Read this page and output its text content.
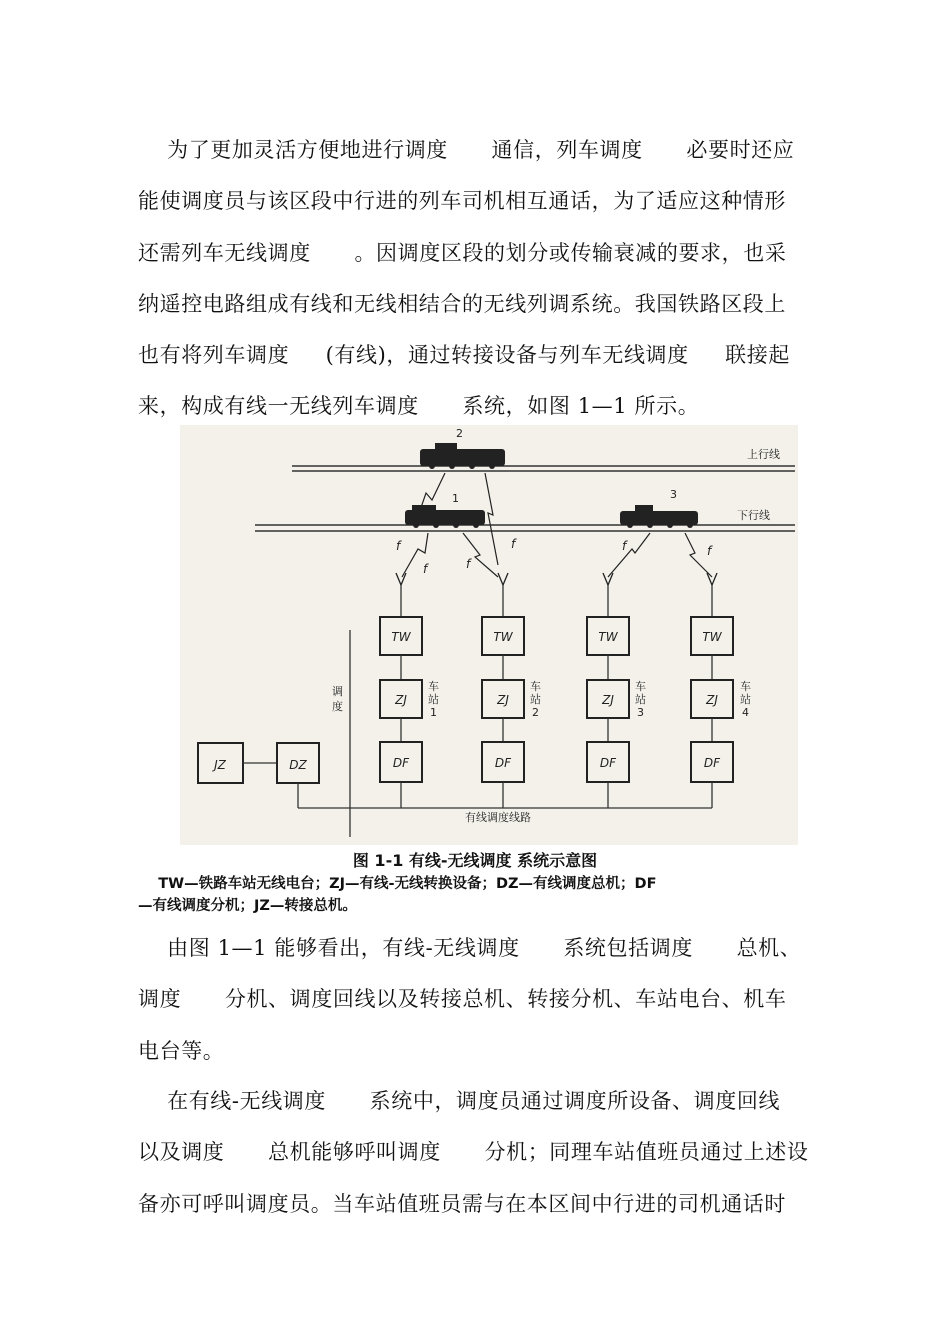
为了更加灵活方便地进行调度      通信，列车调度      必要时还应
能使调度员与该区段中行进的列车司机相互通话，为了适应这种情形
还需列车无线调度      。因调度区段的划分或传输衰减的要求，也采
纳遥控电路组成有线和无线相结合的无线列调系统。我国铁路区段上
也有将列车调度     (有线)，通过转接设备与列车无线调度     联接起
来，构成有线一无线列车调度      系统，如图 1—1 所示。
上行线
下行线
2
1	3
f
f	f
f	f	f
调
度
有线调度线路
JZ	DZ
TW
ZJ
DF
车
站
1
TW
ZJ
DF
车
站
2
TW
ZJ
DF
车
站
3
TW
ZJ
DF
车
站
4
图 1-1 有线-无线调度 系统示意图
TW—铁路车站无线电台；ZJ—有线-无线转换设备；DZ—有线调度总机；DF
—有线调度分机；JZ—转接总机。
由图 1—1 能够看出，有线-无线调度      系统包括调度      总机、
调度      分机、调度回线以及转接总机、转接分机、车站电台、机车
电台等。
在有线-无线调度      系统中，调度员通过调度所设备、调度回线
以及调度      总机能够呼叫调度      分机；同理车站值班员通过上述设
备亦可呼叫调度员。当车站值班员需与在本区间中行进的司机通话时
